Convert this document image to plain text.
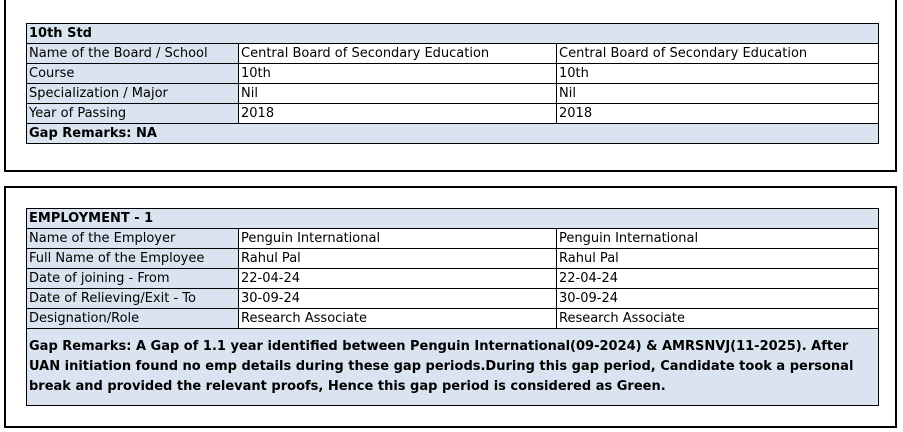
10th Std		
Name of the Board / School	Central Board of Secondary Education	Central Board of Secondary Education
Course	10th	10th
Specialization / Major	Nil	Nil
Year of Passing	2018	2018
Gap Remarks: NA		
EMPLOYMENT - 1		
Name of the Employer	Penguin International	Penguin International
Full Name of the Employee	Rahul Pal	Rahul Pal
Date of joining - From	22-04-24	22-04-24
Date of Relieving/Exit - To	30-09-24	30-09-24
Designation/Role	Research Associate	Research Associate
Gap Remarks: A Gap of 1.1 year identified between Penguin International(09-2024) & AMRSNVJ(11-2025). After UAN initiation found no emp details during these gap periods.During this gap period, Candidate took a personal break and provided the relevant proofs, Hence this gap period is considered as Green.		
